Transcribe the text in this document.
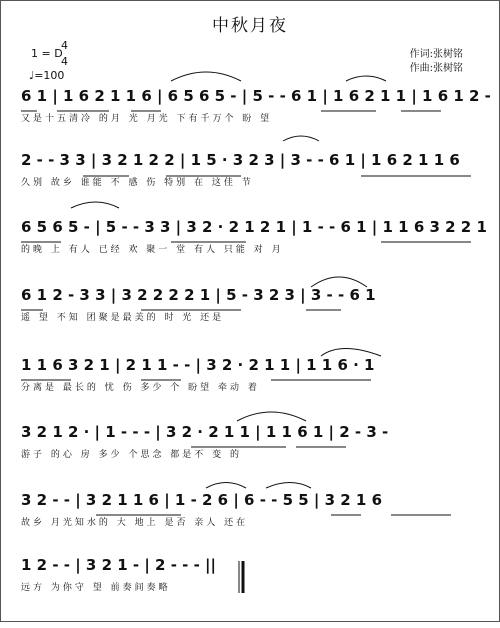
中秋月夜
1 = D
4
4
♩=100
作词:张树铭
作曲:张树铭
6 1 | 1 6 2 1 1 6 | 6 5 6 5 - | 5 - - 6 1 | 1 6 2 1 1 | 1 6 1 2 -
又是十五清冷 的月 光 月光 下有千万个 盼 望
2 - - 3 3 | 3 2 1 2 2 | 1 5 · 3 2 3 | 3 - - 6 1 | 1 6 2 1 1 6
久别 故乡 谁能 不 感 伤 特别 在 这佳 节
6 5 6 5 - | 5 - - 3 3 | 3 2 · 2 1 2 1 | 1 - - 6 1 | 1 1 6 3 2 2 1
的晚 上 有人 已经 欢 聚一 堂 有人 只能 对 月
6 1 2 - 3 3 | 3 2 2 2 2 1 | 5 - 3 2 3 | 3 - - 6 1
遥 望 不知 团聚是最美的 时 光 还是
1 1 6 3 2 1 | 2 1 1 - - | 3 2 · 2 1 1 | 1 1 6 · 1
分离是 最长的 忧 伤 多少 个 盼望 牵动 着
3 2 1 2 · | 1 - - - | 3 2 · 2 1 1 | 1 1 6 1 | 2 - 3 -
游子 的心 房 多少 个思念 都是不 变 的
3 2 - - | 3 2 1 1 6 | 1 - 2 6 | 6 - - 5 5 | 3 2 1 6
故乡 月光知水的 大 地上 是否 亲人 还在
1 2 - - | 3 2 1 - | 2 - - - ||
远方 为你守 望 前奏间奏略
